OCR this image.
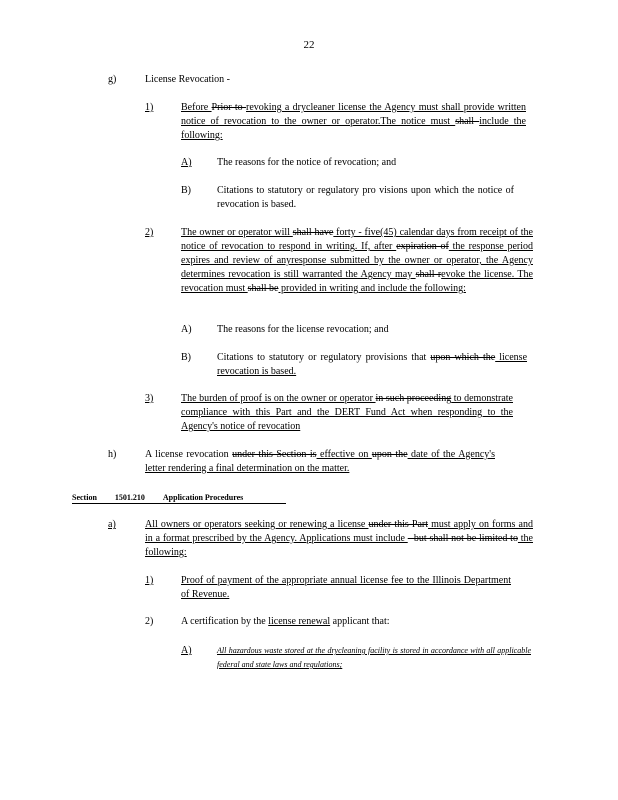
22
g)	License Revocation -
1)	Before Prior to revoking a drycleaner license the Agency must shall provide written notice of revocation to the owner or operator.The notice must shall include the following:
A)	The reasons for the notice of revocation; and
B)	Citations to statutory or regulatory pro visions upon which the notice of revocation is based.
2)	The owner or operator will shall have forty - five(45) calendar days from receipt of the notice of revocation to respond in writing. If, after expiration of the response period expires and review of anyresponse submitted by the owner or operator, the Agency determines revocation is still warranted the Agency may shall revoke the license. The revocation must shall be provided in writing and include the following:
A)	The reasons for the license revocation; and
B)	Citations to statutory or regulatory provisions that upon which the license revocation is based.
3)	The burden of proof is on the owner or operator in such proceeding to demonstrate compliance with this Part and the DERT Fund Act when responding to the Agency's notice of revocation
h)	A license revocation under this Section is effective on upon the date of the Agency's letter rendering a final determination on the matter.
Section 1501.210 Application Procedures
a)	All owners or operators seeking or renewing a license under this Part must apply on forms and in a format prescribed by the Agency. Applications must include - but shall not be limited to the following:
1)	Proof of payment of the appropriate annual license fee to the Illinois Department of Revenue.
2)	A certification by the license renewal applicant that:
A)	All hazardous waste stored at the drycleaning facility is stored in accordance with all applicable federal and state laws and regulations;
